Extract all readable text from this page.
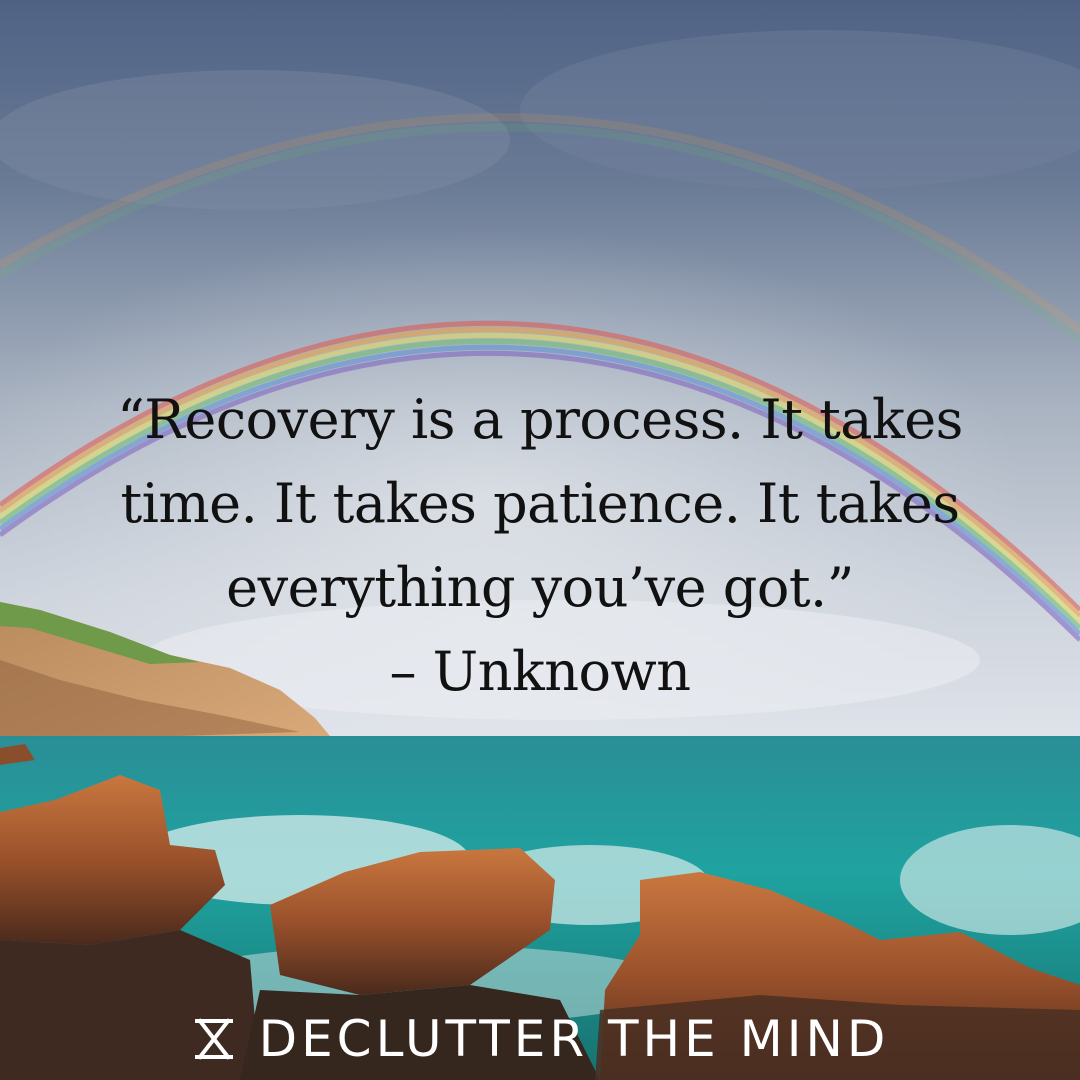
“Recovery is a process. It takes
time. It takes patience. It takes
everything you’ve got.”
– Unknown

DECLUTTER THE MIND
